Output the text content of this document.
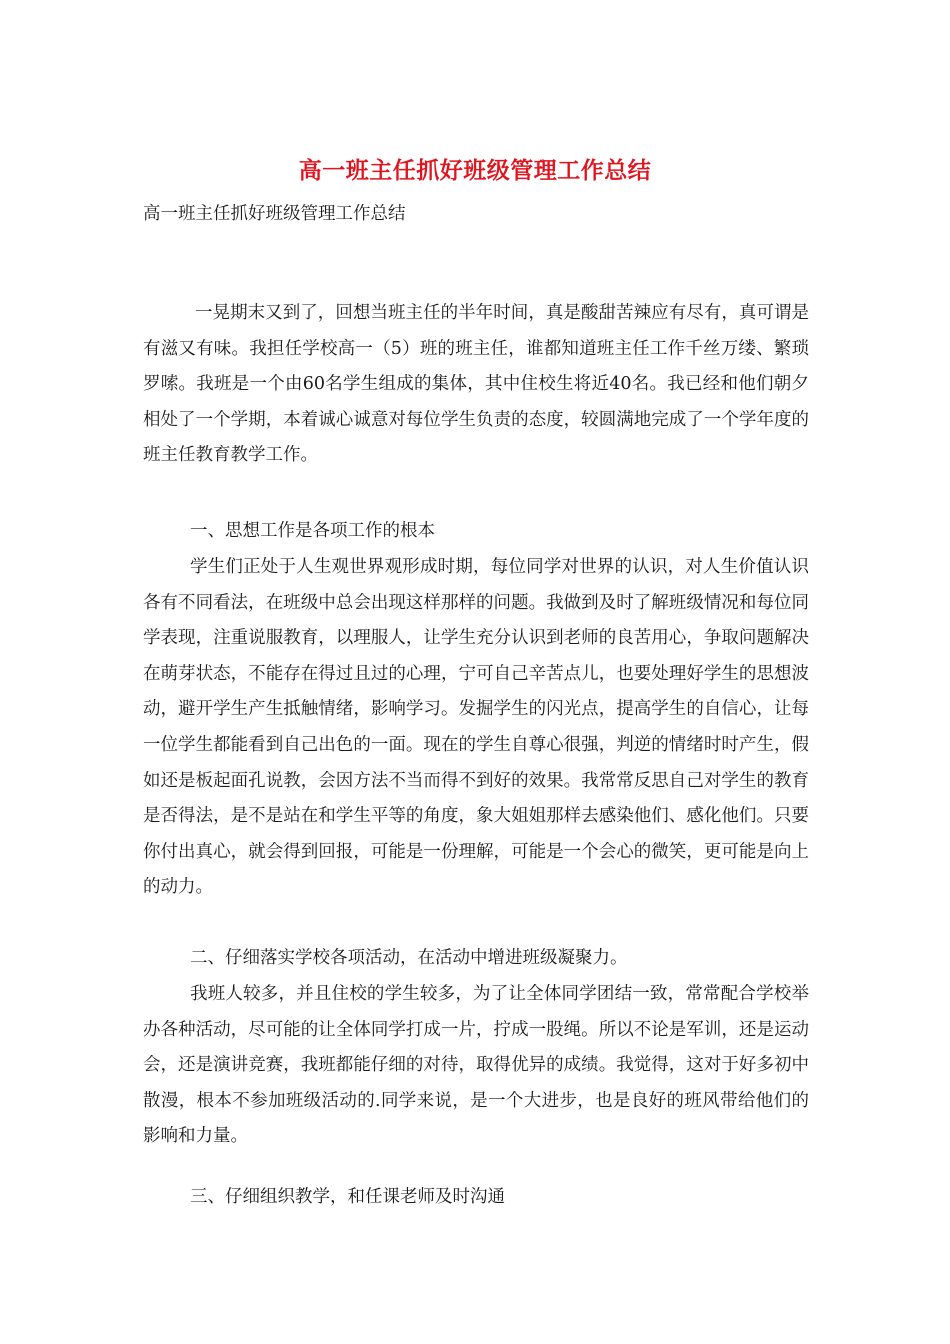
高一班主任抓好班级管理工作总结

高一班主任抓好班级管理工作总结

一晃期末又到了，回想当班主任的半年时间，真是酸甜苦辣应有尽有，真可谓是有滋又有味。我担任学校高一（5）班的班主任，谁都知道班主任工作千丝万缕、繁琐罗嗦。我班是一个由60名学生组成的集体，其中住校生将近40名。我已经和他们朝夕相处了一个学期，本着诚心诚意对每位学生负责的态度，较圆满地完成了一个学年度的班主任教育教学工作。

一、思想工作是各项工作的根本

学生们正处于人生观世界观形成时期，每位同学对世界的认识，对人生价值认识各有不同看法，在班级中总会出现这样那样的问题。我做到及时了解班级情况和每位同学表现，注重说服教育，以理服人，让学生充分认识到老师的良苦用心，争取问题解决在萌芽状态，不能存在得过且过的心理，宁可自己辛苦点儿，也要处理好学生的思想波动，避开学生产生抵触情绪，影响学习。发掘学生的闪光点，提高学生的自信心，让每一位学生都能看到自己出色的一面。现在的学生自尊心很强，判逆的情绪时时产生，假如还是板起面孔说教，会因方法不当而得不到好的效果。我常常反思自己对学生的教育是否得法，是不是站在和学生平等的角度，象大姐姐那样去感染他们、感化他们。只要你付出真心，就会得到回报，可能是一份理解，可能是一个会心的微笑，更可能是向上的动力。

二、仔细落实学校各项活动，在活动中增进班级凝聚力。

我班人较多，并且住校的学生较多，为了让全体同学团结一致，常常配合学校举办各种活动，尽可能的让全体同学打成一片，拧成一股绳。所以不论是军训，还是运动会，还是演讲竞赛，我班都能仔细的对待，取得优异的成绩。我觉得，这对于好多初中散漫，根本不参加班级活动的.同学来说，是一个大进步，也是良好的班风带给他们的影响和力量。

三、仔细组织教学，和任课老师及时沟通
